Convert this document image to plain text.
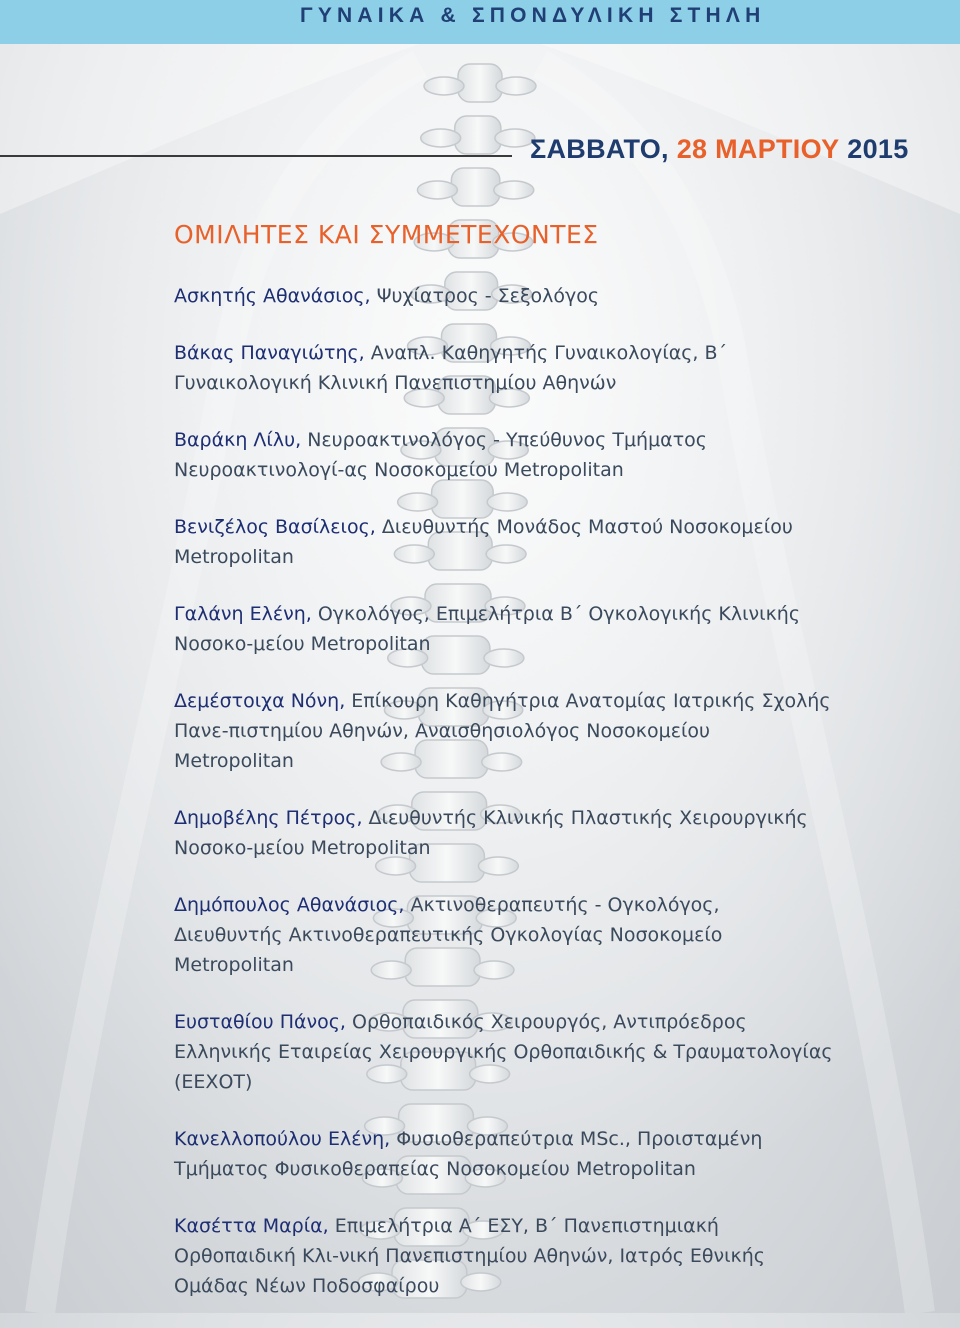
ΓΥΝΑΙΚΑ & ΣΠΟΝΔΥΛΙΚΗ ΣΤΗΛΗ
ΣΑΒΒΑΤΟ, 28 ΜΑΡΤΙΟΥ 2015
ΟΜΙΛΗΤΕΣ ΚΑΙ ΣΥΜΜΕΤΕΧΟΝΤΕΣ
Ασκητής Αθανάσιος, Ψυχίατρος - Σεξολόγος
Βάκας Παναγιώτης, Αναπλ. Καθηγητής Γυναικολογίας, Β΄ Γυναικολογική Κλινική Πανεπιστημίου Αθηνών
Βαράκη Λίλυ, Νευροακτινολόγος - Υπεύθυνος Τμήματος Νευροακτινολογί-ας Νοσοκομείου Metropolitan
Βενιζέλος Βασίλειος, Διευθυντής Μονάδος Μαστού Νοσοκομείου Metropolitan
Γαλάνη Ελένη, Ογκολόγος, Επιμελήτρια Β΄ Ογκολογικής Κλινικής Νοσοκο-μείου Metropolitan
Δεμέστοιχα Νόνη, Επίκουρη Καθηγήτρια Ανατομίας Ιατρικής Σχολής Πανε-πιστημίου Αθηνών, Αναισθησιολόγος Νοσοκομείου Metropolitan
Δημοβέλης Πέτρος, Διευθυντής Κλινικής Πλαστικής Χειρουργικής Νοσοκο-μείου Metropolitan
Δημόπουλος Αθανάσιος, Ακτινοθεραπευτής - Ογκολόγος, Διευθυντής Ακτινοθεραπευτικής Ογκολογίας Νοσοκομείο Metropolitan
Ευσταθίου Πάνος, Ορθοπαιδικός Χειρουργός, Αντιπρόεδρος Ελληνικής Εταιρείας Χειρουργικής Ορθοπαιδικής & Τραυματολογίας (ΕΕΧΟΤ)
Κανελλοπούλου Ελένη, Φυσιοθεραπεύτρια MSc., Προισταμένη Τμήματος Φυσικοθεραπείας Νοσοκομείου Metropolitan
Κασέττα Μαρία, Επιμελήτρια Α΄ ΕΣΥ, Β΄ Πανεπιστημιακή Ορθοπαιδική Κλι-νική Πανεπιστημίου Αθηνών, Ιατρός Εθνικής Ομάδας Νέων Ποδοσφαίρου
